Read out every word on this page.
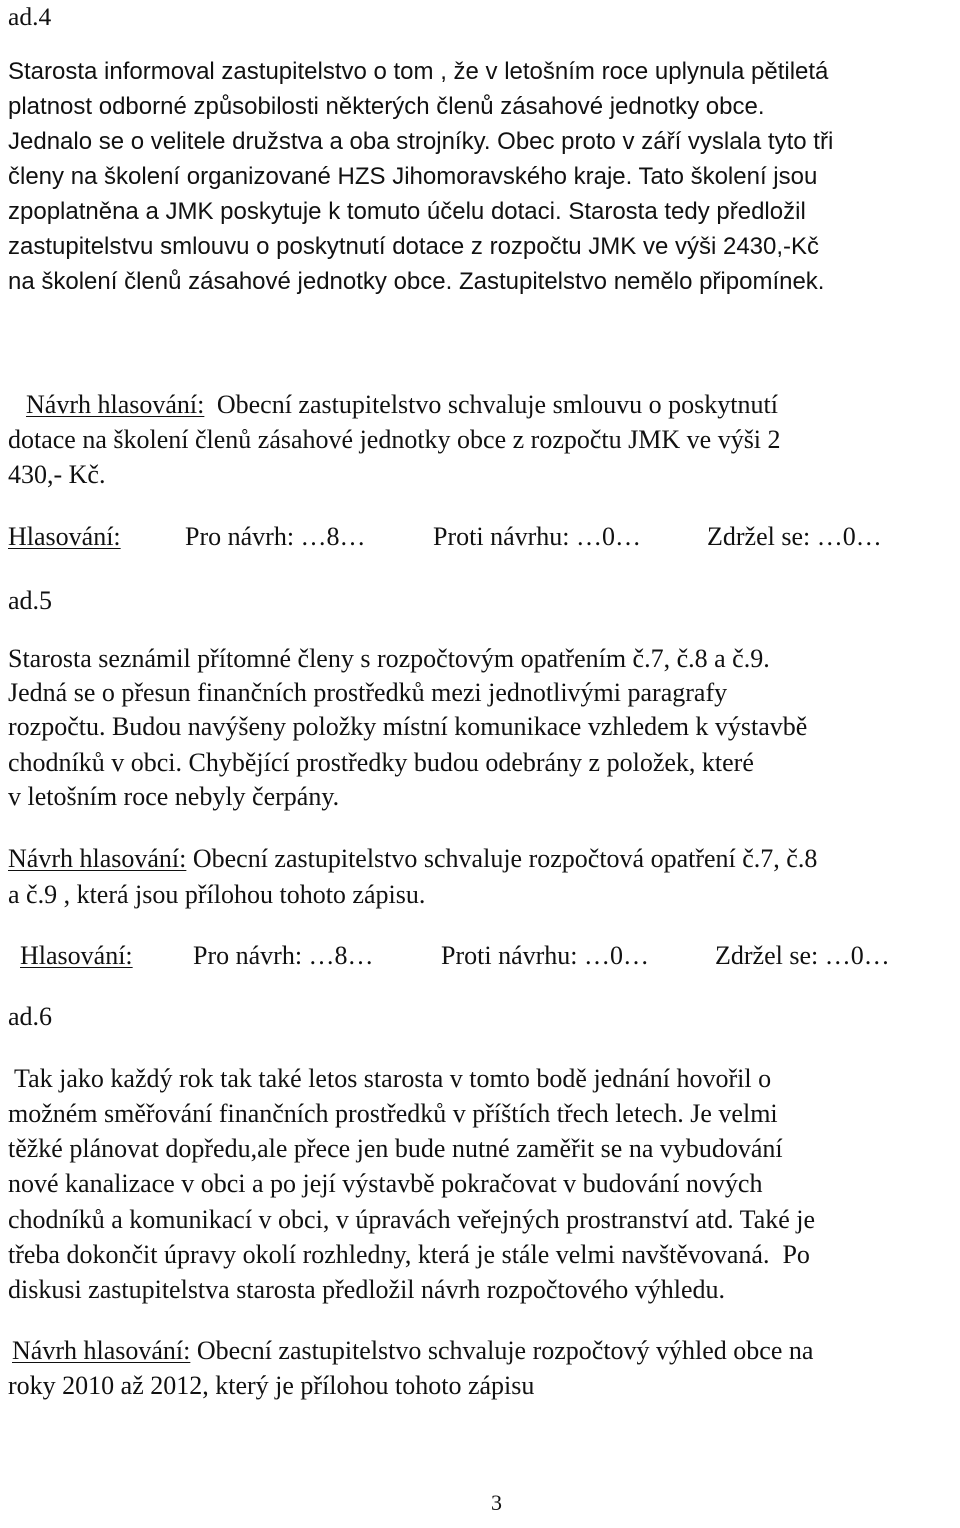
ad.4
Starosta informoval zastupitelstvo o tom , že v letošním roce uplynula pětiletá
platnost odborné způsobilosti některých členů zásahové jednotky obce.
Jednalo se o velitele družstva a oba strojníky. Obec proto v září vyslala tyto tři
členy na školení organizované HZS Jihomoravského kraje. Tato školení jsou
zpoplatněna a JMK poskytuje k tomuto účelu dotaci. Starosta tedy předložil
zastupitelstvu smlouvu o poskytnutí dotace z rozpočtu JMK ve výši 2430,-Kč
na školení členů zásahové jednotky obce. Zastupitelstvo nemělo připomínek.
Návrh hlasování: Obecní zastupitelstvo schvaluje smlouvu o poskytnutí
dotace na školení členů zásahové jednotky obce z rozpočtu JMK ve výši 2
430,- Kč.
Hlasování: Pro návrh: …8…	Proti návrhu: …0…	Zdržel se: …0…
ad.5
Starosta seznámil přítomné členy s rozpočtovým opatřením č.7, č.8 a č.9.
Jedná se o přesun finančních prostředků mezi jednotlivými paragrafy
rozpočtu. Budou navýšeny položky místní komunikace vzhledem k výstavbě
chodníků v obci. Chybějící prostředky budou odebrány z položek, které
v letošním roce nebyly čerpány.
Návrh hlasování: Obecní zastupitelstvo schvaluje rozpočtová opatření č.7, č.8
a č.9 , která jsou přílohou tohoto zápisu.
Hlasování: Pro návrh: …8…	Proti návrhu: …0…	Zdržel se: …0…
ad.6
Tak jako každý rok tak také letos starosta v tomto bodě jednání hovořil o
možném směřování finančních prostředků v příštích třech letech. Je velmi
těžké plánovat dopředu,ale přece jen bude nutné zaměřit se na vybudování
nové kanalizace v obci a po její výstavbě pokračovat v budování nových
chodníků a komunikací v obci, v úpravách veřejných prostranství atd. Také je
třeba dokončit úpravy okolí rozhledny, která je stále velmi navštěvovaná.  Po
diskusi zastupitelstva starosta předložil návrh rozpočtového výhledu.
Návrh hlasování: Obecní zastupitelstvo schvaluje rozpočtový výhled obce na
roky 2010 až 2012, který je přílohou tohoto zápisu
3
